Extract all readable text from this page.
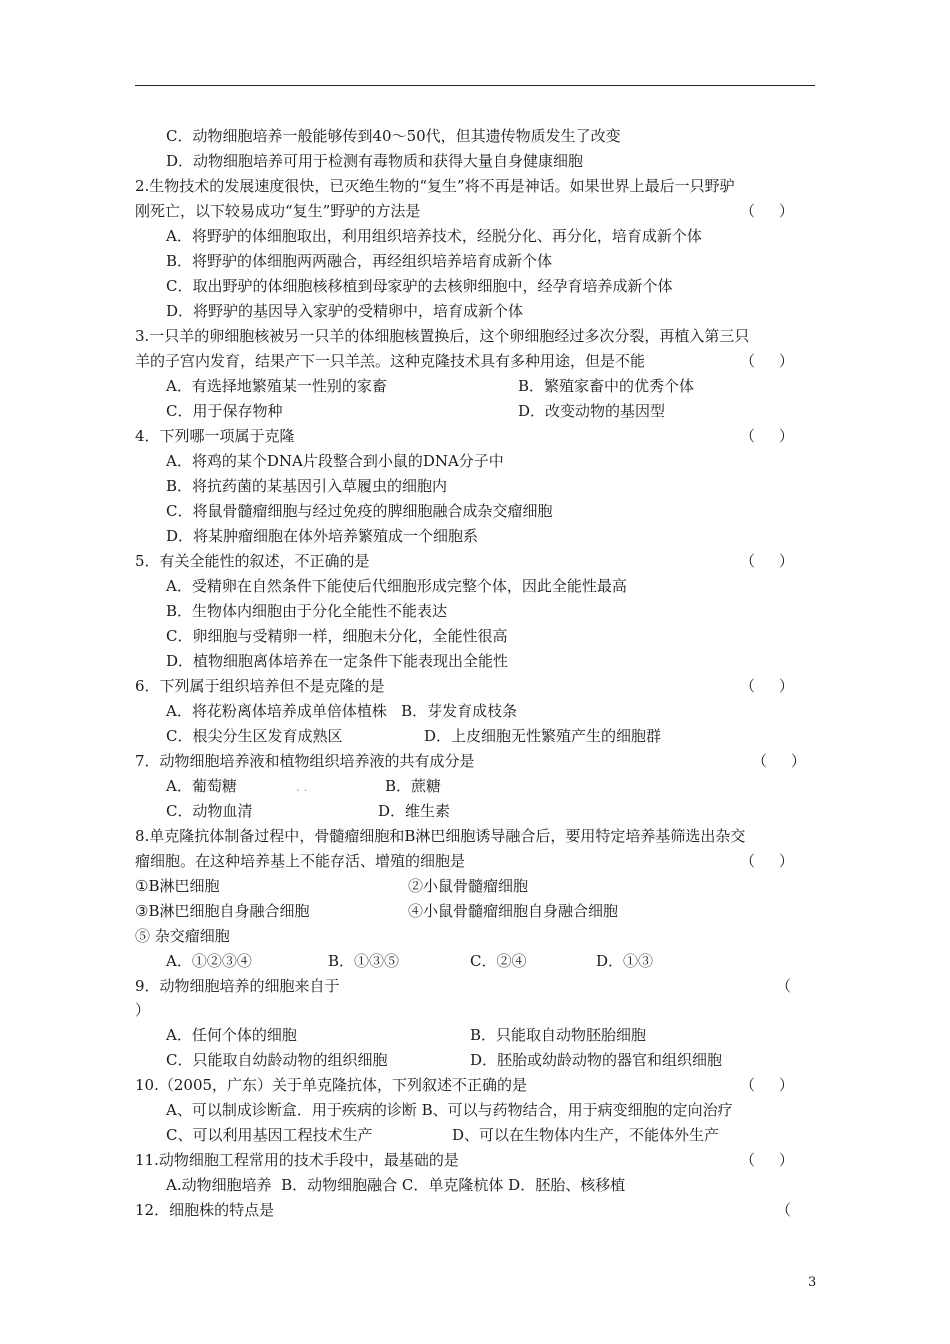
C．动物细胞培养一般能够传到40～50代，但其遗传物质发生了改变
D．动物细胞培养可用于检测有毒物质和获得大量自身健康细胞
2.生物技术的发展速度很快，已灭绝生物的“复生”将不再是神话。如果世界上最后一只野驴
刚死亡，以下较易成功“复生”野驴的方法是	（     ）
A．将野驴的体细胞取出，利用组织培养技术，经脱分化、再分化，培育成新个体
B．将野驴的体细胞两两融合，再经组织培养培育成新个体
C．取出野驴的体细胞核移植到母家驴的去核卵细胞中，经孕育培养成新个体
D．将野驴的基因导入家驴的受精卵中，培育成新个体
3.一只羊的卵细胞核被另一只羊的体细胞核置换后，这个卵细胞经过多次分裂，再植入第三只
羊的子宫内发育，结果产下一只羊羔。这种克隆技术具有多种用途，但是不能	（     ）
A．有选择地繁殖某一性别的家畜	B．繁殖家畜中的优秀个体
C．用于保存物种	D．改变动物的基因型
4．下列哪一项属于克隆	（     ）
A．将鸡的某个DNA片段整合到小鼠的DNA分子中
B．将抗药菌的某基因引入草履虫的细胞内
C．将鼠骨髓瘤细胞与经过免疫的脾细胞融合成杂交瘤细胞
D．将某肿瘤细胞在体外培养繁殖成一个细胞系
5．有关全能性的叙述，不正确的是	（     ）
A．受精卵在自然条件下能使后代细胞形成完整个体，因此全能性最高
B．生物体内细胞由于分化全能性不能表达
C．卵细胞与受精卵一样，细胞未分化，全能性很高
D．植物细胞离体培养在一定条件下能表现出全能性
6．下列属于组织培养但不是克隆的是	（     ）
A．将花粉离体培养成单倍体植株   B．芽发育成枝条
C．根尖分生区发育成熟区	D．上皮细胞无性繁殖产生的细胞群
7．动物细胞培养液和植物组织培养液的共有成分是	（     ）
A．葡萄糖	. .	B．蔗糖
C．动物血清	D．维生素
8.单克隆抗体制备过程中，骨髓瘤细胞和B淋巴细胞诱导融合后，要用特定培养基筛选出杂交
瘤细胞。在这种培养基上不能存活、增殖的细胞是	（     ）
①B淋巴细胞	②小鼠骨髓瘤细胞
③B淋巴细胞自身融合细胞	④小鼠骨髓瘤细胞自身融合细胞
⑤ 杂交瘤细胞
A．①②③④	B．①③⑤	C．②④	D．①③
9．动物细胞培养的细胞来自于	（
）
A．任何个体的细胞	B．只能取自动物胚胎细胞
C．只能取自幼龄动物的组织细胞	D．胚胎或幼龄动物的器官和组织细胞
10.（2005，广东）关于单克隆抗体，下列叙述不正确的是	（     ）
A、可以制成诊断盒．用于疾病的诊断 B、可以与药物结合，用于病变细胞的定向治疗
C、可以利用基因工程技术生产	D、可以在生物体内生产，不能体外生产
11.动物细胞工程常用的技术手段中，最基础的是	（     ）
A.动物细胞培养  B．动物细胞融合 C．单克隆杭体 D．胚胎、核移植
12．细胞株的特点是	（
3
